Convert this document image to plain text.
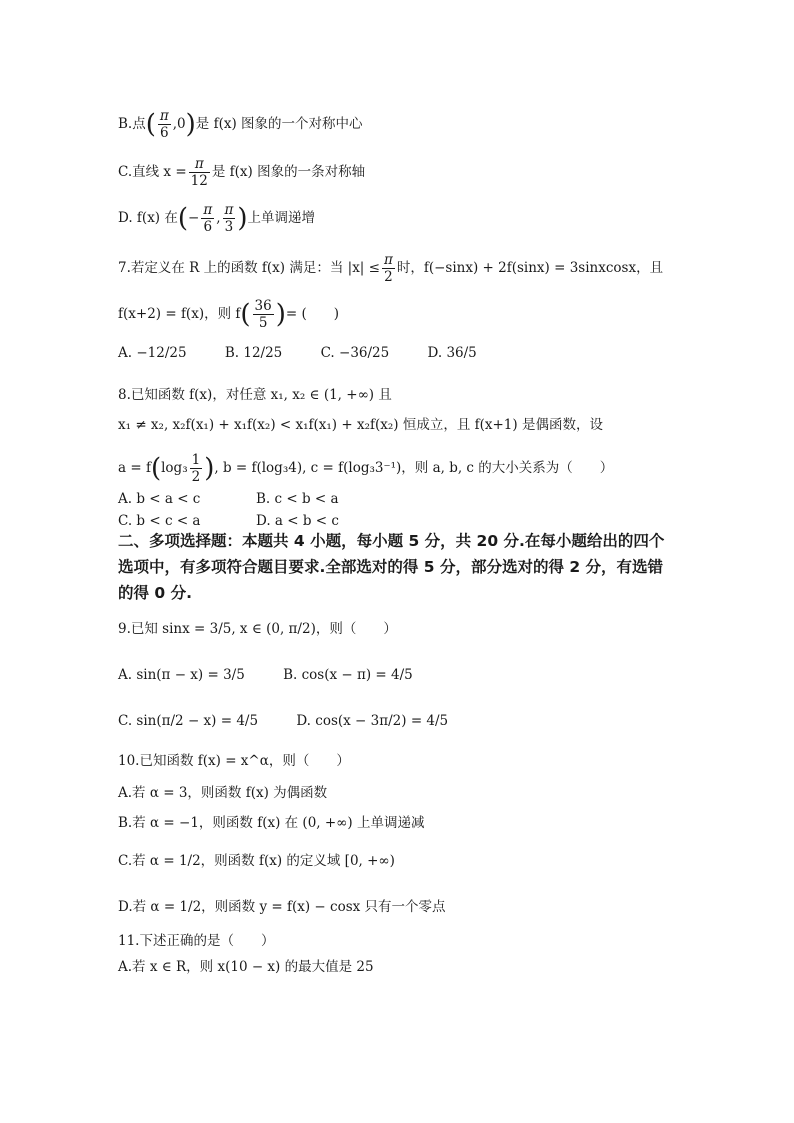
B.点( $\frac{\pi}{6} ,0$)是 f(x) 图象的一个对称中心
C.直线 $x = \frac{\pi}{12}$ 是 f(x) 图象的一条对称轴
D. f(x) 在(− $\frac{\pi}{6}$ , $\frac{\pi}{3}$ )上单调递增
7.若定义在 R 上的函数 f(x) 满足：当 $|x| \le \frac{\pi}{2}$ 时，f(−sinx) + 2f(sinx) = 3sinxcosx，且
f(x+2) = f(x)，则 $f( \frac{36}{5}$ )= (　　)
A. −12/25	B. 12/25	C. −36/25	D. 36/5
8.已知函数 f(x)，对任意 x₁, x₂ ∈ (1, +∞) 且
x₁ ≠ x₂, x₂f(x₁) + x₁f(x₂) < x₁f(x₁) + x₂f(x₂) 恒成立，且 f(x+1) 是偶函数，设
$a = f(\log_3 \frac{1}{2}$ ), b = f(log₃4), c = f(log₃3⁻¹)，则 a, b, c 的大小关系为（　　）
A. b < a < c	B. c < b < a
C. b < c < a	D. a < b < c
二、多项选择题：本题共 4 小题，每小题 5 分，共 20 分.在每小题给出的四个选项中，有多项符合题目要求.全部选对的得 5 分，部分选对的得 2 分，有选错的得 0 分.
9.已知 sinx = 3/5, x ∈ (0, π/2)，则（　　）
A. sin(π − x) = 3/5	B. cos(x − π) = 4/5
C. sin(π/2 − x) = 4/5	D. cos(x − 3π/2) = 4/5
10.已知函数 f(x) = x^α，则（　　）
A.若 α = 3，则函数 f(x) 为偶函数
B.若 α = −1，则函数 f(x) 在 (0, +∞) 上单调递减
C.若 α = 1/2，则函数 f(x) 的定义域 [0, +∞)
D.若 α = 1/2，则函数 y = f(x) − cosx 只有一个零点
11.下述正确的是（　　）
A.若 x ∈ R，则 x(10 − x) 的最大值是 25
